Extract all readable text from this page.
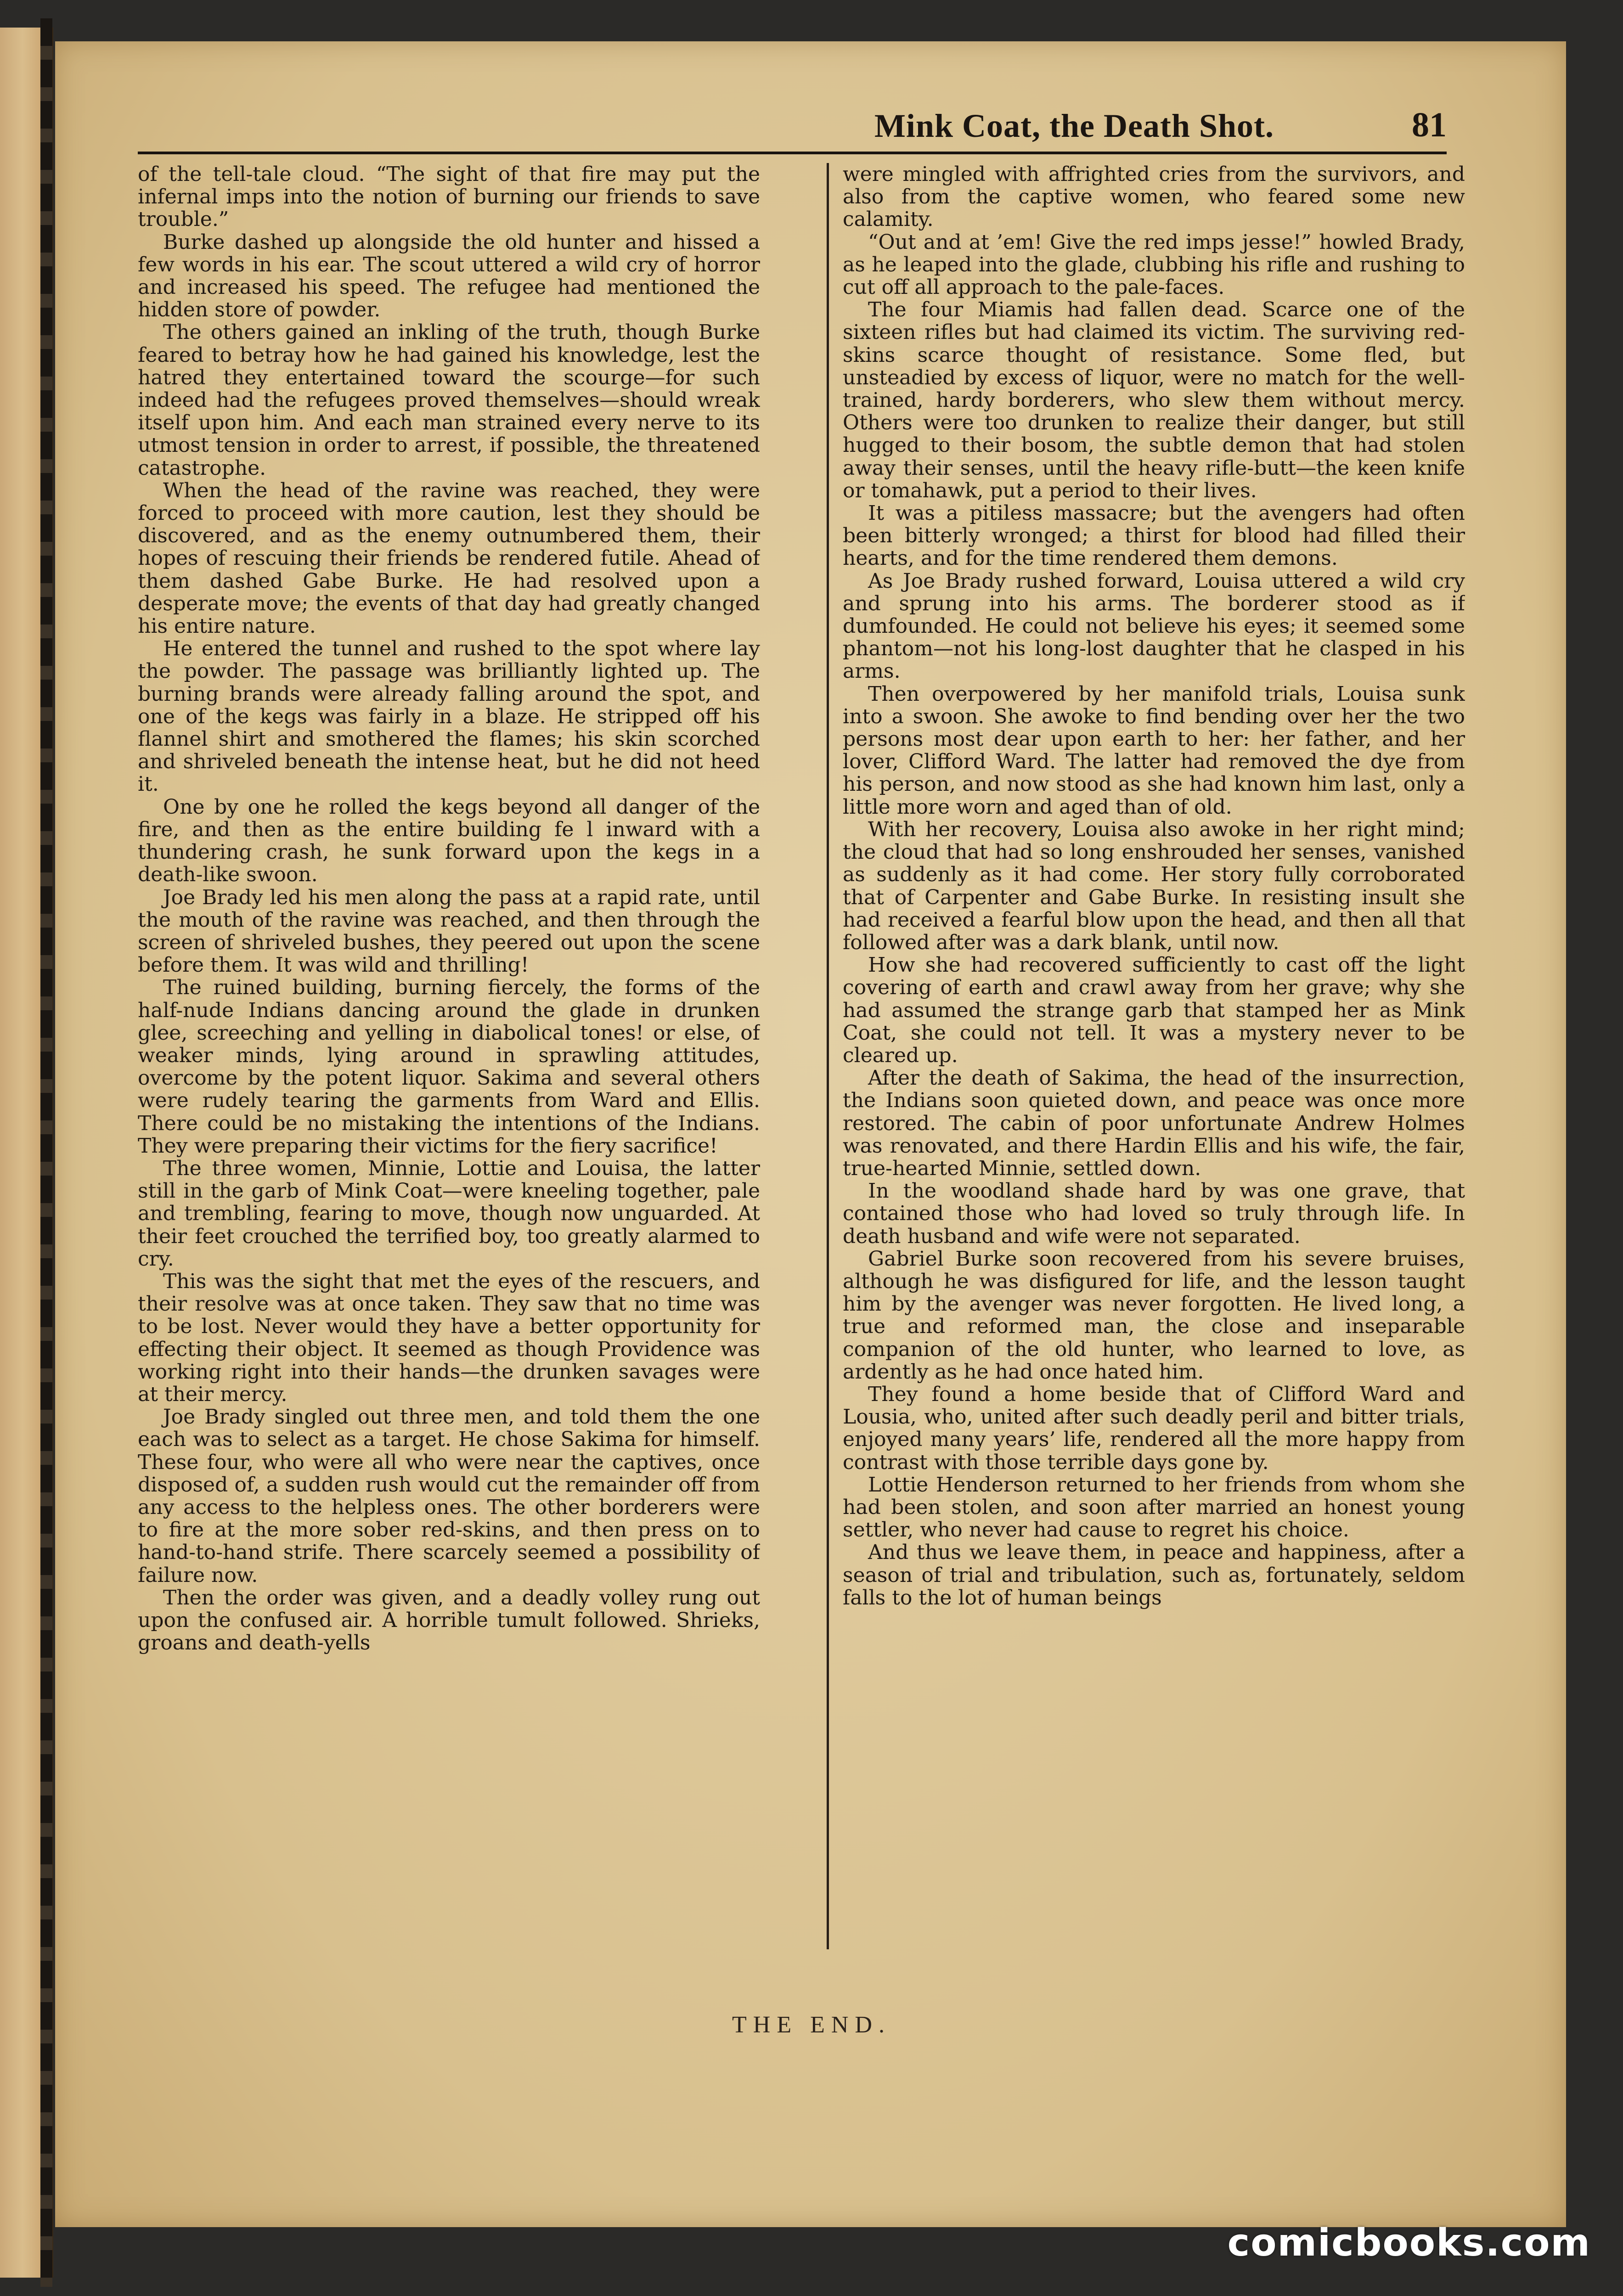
Mink Coat, the Death Shot.	81

of the tell-tale cloud. “The sight of that fire may put the infernal imps into the notion of burning our friends to save trouble.”

Burke dashed up alongside the old hunter and hissed a few words in his ear. The scout uttered a wild cry of horror and increased his speed. The refugee had mentioned the hidden store of powder.

The others gained an inkling of the truth, though Burke feared to betray how he had gained his knowledge, lest the hatred they entertained toward the scourge—for such indeed had the refugees proved themselves—should wreak itself upon him. And each man strained every nerve to its utmost tension in order to arrest, if possible, the threatened catastrophe.

When the head of the ravine was reached, they were forced to proceed with more caution, lest they should be discovered, and as the enemy outnumbered them, their hopes of rescuing their friends be rendered futile. Ahead of them dashed Gabe Burke. He had resolved upon a desperate move; the events of that day had greatly changed his entire nature.

He entered the tunnel and rushed to the spot where lay the powder. The passage was brilliantly lighted up. The burning brands were already falling around the spot, and one of the kegs was fairly in a blaze. He stripped off his flannel shirt and smothered the flames; his skin scorched and shriveled beneath the intense heat, but he did not heed it.

One by one he rolled the kegs beyond all danger of the fire, and then as the entire building fe l inward with a thundering crash, he sunk forward upon the kegs in a death-like swoon.

Joe Brady led his men along the pass at a rapid rate, until the mouth of the ravine was reached, and then through the screen of shriveled bushes, they peered out upon the scene before them. It was wild and thrilling!

The ruined building, burning fiercely, the forms of the half-nude Indians dancing around the glade in drunken glee, screeching and yelling in diabolical tones! or else, of weaker minds, lying around in sprawling attitudes, overcome by the potent liquor. Sakima and several others were rudely tearing the garments from Ward and Ellis. There could be no mistaking the intentions of the Indians. They were preparing their victims for the fiery sacrifice!

The three women, Minnie, Lottie and Louisa, the latter still in the garb of Mink Coat—were kneeling together, pale and trembling, fearing to move, though now unguarded. At their feet crouched the terrified boy, too greatly alarmed to cry.

This was the sight that met the eyes of the rescuers, and their resolve was at once taken. They saw that no time was to be lost. Never would they have a better opportunity for effecting their object. It seemed as though Providence was working right into their hands—the drunken savages were at their mercy.

Joe Brady singled out three men, and told them the one each was to select as a target. He chose Sakima for himself. These four, who were all who were near the captives, once disposed of, a sudden rush would cut the remainder off from any access to the helpless ones. The other borderers were to fire at the more sober red-skins, and then press on to hand-to-hand strife. There scarcely seemed a possibility of failure now.

Then the order was given, and a deadly volley rung out upon the confused air. A horrible tumult followed. Shrieks, groans and death-yells

were mingled with affrighted cries from the survivors, and also from the captive women, who feared some new calamity.

“Out and at ’em! Give the red imps jesse!” howled Brady, as he leaped into the glade, clubbing his rifle and rushing to cut off all approach to the pale-faces.

The four Miamis had fallen dead. Scarce one of the sixteen rifles but had claimed its victim. The surviving red-skins scarce thought of resistance. Some fled, but unsteadied by excess of liquor, were no match for the well-trained, hardy borderers, who slew them without mercy. Others were too drunken to realize their danger, but still hugged to their bosom, the subtle demon that had stolen away their senses, until the heavy rifle-butt—the keen knife or tomahawk, put a period to their lives.

It was a pitiless massacre; but the avengers had often been bitterly wronged; a thirst for blood had filled their hearts, and for the time rendered them demons.

As Joe Brady rushed forward, Louisa uttered a wild cry and sprung into his arms. The borderer stood as if dumfounded. He could not believe his eyes; it seemed some phantom—not his long-lost daughter that he clasped in his arms.

Then overpowered by her manifold trials, Louisa sunk into a swoon. She awoke to find bending over her the two persons most dear upon earth to her: her father, and her lover, Clifford Ward. The latter had removed the dye from his person, and now stood as she had known him last, only a little more worn and aged than of old.

With her recovery, Louisa also awoke in her right mind; the cloud that had so long enshrouded her senses, vanished as suddenly as it had come. Her story fully corroborated that of Carpenter and Gabe Burke. In resisting insult she had received a fearful blow upon the head, and then all that followed after was a dark blank, until now.

How she had recovered sufficiently to cast off the light covering of earth and crawl away from her grave; why she had assumed the strange garb that stamped her as Mink Coat, she could not tell. It was a mystery never to be cleared up.

After the death of Sakima, the head of the insurrection, the Indians soon quieted down, and peace was once more restored. The cabin of poor unfortunate Andrew Holmes was renovated, and there Hardin Ellis and his wife, the fair, true-hearted Minnie, settled down.

In the woodland shade hard by was one grave, that contained those who had loved so truly through life. In death husband and wife were not separated.

Gabriel Burke soon recovered from his severe bruises, although he was disfigured for life, and the lesson taught him by the avenger was never forgotten. He lived long, a true and reformed man, the close and inseparable companion of the old hunter, who learned to love, as ardently as he had once hated him.

They found a home beside that of Clifford Ward and Lousia, who, united after such deadly peril and bitter trials, enjoyed many years’ life, rendered all the more happy from contrast with those terrible days gone by.

Lottie Henderson returned to her friends from whom she had been stolen, and soon after married an honest young settler, who never had cause to regret his choice.

And thus we leave them, in peace and happiness, after a season of trial and tribulation, such as, fortunately, seldom falls to the lot of human beings

THE END.
comicbooks.com
